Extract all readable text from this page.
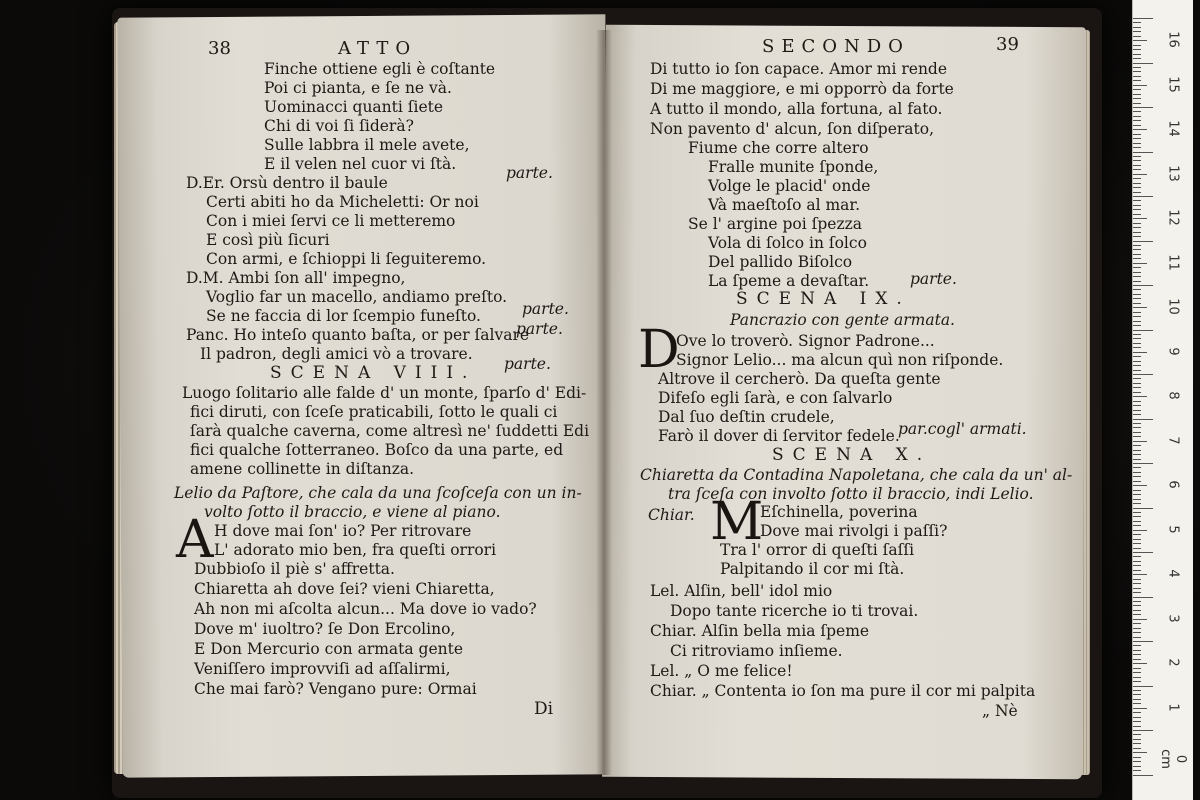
38	ATTO
SCENA VIII.
A
Di
SECONDO	39
SCENA IX.
D
SCENA X.
M
„ Nè
Finche ottiene egli è coſtante
Poi ci pianta, e ſe ne và.
Uominacci quanti ſiete
Chi di voi ſi ſiderà?
Sulle labbra il mele avete,
E il velen nel cuor vi ſtà.
D.Er. Orsù dentro il baule
Certi abiti ho da Micheletti: Or noi
Con i miei ſervi ce li metteremo
E così più ſicuri
Con armi, e ſchioppi li ſeguiteremo.
D.M. Ambi ſon all' impegno,
Voglio far un macello, andiamo preſto.
Se ne faccia di lor ſcempio funeſto.
Panc. Ho inteſo quanto baſta, or per ſalvare
Il padron, degli amici vò a trovare.
Luogo ſolitario alle falde d' un monte, ſparſo d' Edi-
fici diruti, con ſceſe praticabili, ſotto le quali ci
ſarà qualche caverna, come altresì ne' ſuddetti Edi
fici qualche ſotterraneo. Boſco da una parte, ed
amene collinette in diſtanza.
Lelio da Paſtore, che cala da una ſcoſceſa con un in-
volto ſotto il braccio, e viene al piano.
H dove mai ſon' io? Per ritrovare
L' adorato mio ben, fra queſti orrori
Dubbioſo il piè s' affretta.
Chiaretta ah dove ſei? vieni Chiaretta,
Ah non mi aſcolta alcun... Ma dove io vado?
Dove m' iuoltro? ſe Don Ercolino,
E Don Mercurio con armata gente
Veniſſero improvviſi ad aſſalirmi,
Che mai farò? Vengano pure: Ormai
parte.
parte.
parte.
parte.
Di tutto io ſon capace. Amor mi rende
Di me maggiore, e mi opporrò da forte
A tutto il mondo, alla fortuna, al fato.
Non pavento d' alcun, ſon diſperato,
Fiume che corre altero
Fralle munite ſponde,
Volge le placid' onde
Và maeſtoſo al mar.
Se l' argine poi ſpezza
Vola di ſolco in ſolco
Del pallido Biſolco
La ſpeme a devaſtar.
Pancrazio con gente armata.
Ove lo troverò. Signor Padrone...
Signor Lelio... ma alcun quì non riſponde.
Altrove il cercherò. Da queſta gente
Difeſo egli ſarà, e con ſalvarlo
Dal ſuo deſtin crudele,
Farò il dover di ſervitor fedele.
Chiaretta da Contadina Napoletana, che cala da un' al-
tra ſceſa con involto ſotto il braccio, indi Lelio.
Chiar.	Eſchinella, poverina
Dove mai rivolgi i paſſi?
Tra l' orror di queſti ſaſſi
Palpitando il cor mi ſtà.
Lel. Alſin, bell' idol mio
Dopo tante ricerche io ti trovai.
Chiar. Alſin bella mia ſpeme
Ci ritroviamo inſieme.
Lel. „ O me felice!
Chiar. „ Contenta io ſon ma pure il cor mi palpita
parte.
par.cogl' armati.
16
15
14
13
12
11
10
9
8
7
6
5
4
3
2
1
0 cm
